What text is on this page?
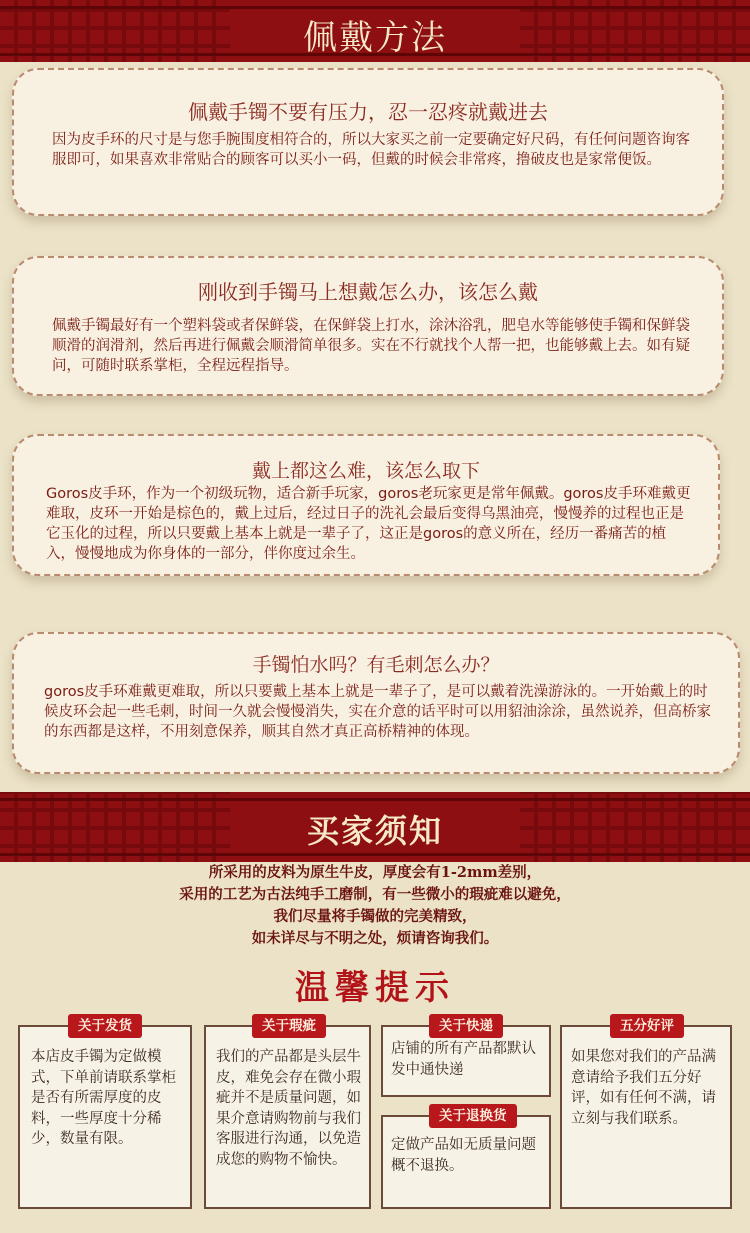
佩戴方法
佩戴手镯不要有压力，忍一忍疼就戴进去

因为皮手环的尺寸是与您手腕围度相符合的，所以大家买之前一定要确定好尺码，有任何问题咨询客服即可，如果喜欢非常贴合的顾客可以买小一码，但戴的时候会非常疼，撸破皮也是家常便饭。

刚收到手镯马上想戴怎么办，该怎么戴

佩戴手镯最好有一个塑料袋或者保鲜袋，在保鲜袋上打水，涂沐浴乳，肥皂水等能够使手镯和保鲜袋顺滑的润滑剂，然后再进行佩戴会顺滑简单很多。实在不行就找个人帮一把，也能够戴上去。如有疑问，可随时联系掌柜，全程远程指导。

戴上都这么难，该怎么取下

Goros皮手环，作为一个初级玩物，适合新手玩家，goros老玩家更是常年佩戴。goros皮手环难戴更难取，皮环一开始是棕色的，戴上过后，经过日子的洗礼会最后变得乌黑油亮，慢慢养的过程也正是它玉化的过程，所以只要戴上基本上就是一辈子了，这正是goros的意义所在，经历一番痛苦的植入，慢慢地成为你身体的一部分，伴你度过余生。

手镯怕水吗？有毛刺怎么办？

goros皮手环难戴更难取，所以只要戴上基本上就是一辈子了，是可以戴着洗澡游泳的。一开始戴上的时候皮环会起一些毛刺，时间一久就会慢慢消失，实在介意的话平时可以用貂油涂涂，虽然说养，但高桥家的东西都是这样，不用刻意保养，顺其自然才真正高桥精神的体现。

买家须知
所采用的皮料为原生牛皮，厚度会有1-2mm差别，
采用的工艺为古法纯手工磨制，有一些微小的瑕疵难以避免，
我们尽量将手镯做的完美精致，
如未详尽与不明之处，烦请咨询我们。
温馨提示
关于发货
本店皮手镯为定做模式，下单前请联系掌柜是否有所需厚度的皮料，一些厚度十分稀少，数量有限。
关于瑕疵
我们的产品都是头层牛皮，难免会存在微小瑕疵并不是质量问题，如果介意请购物前与我们客服进行沟通，以免造成您的购物不愉快。
关于快递
店铺的所有产品都默认发中通快递
关于退换货
定做产品如无质量问题概不退换。
五分好评
如果您对我们的产品满意请给予我们五分好评，如有任何不满，请立刻与我们联系。
